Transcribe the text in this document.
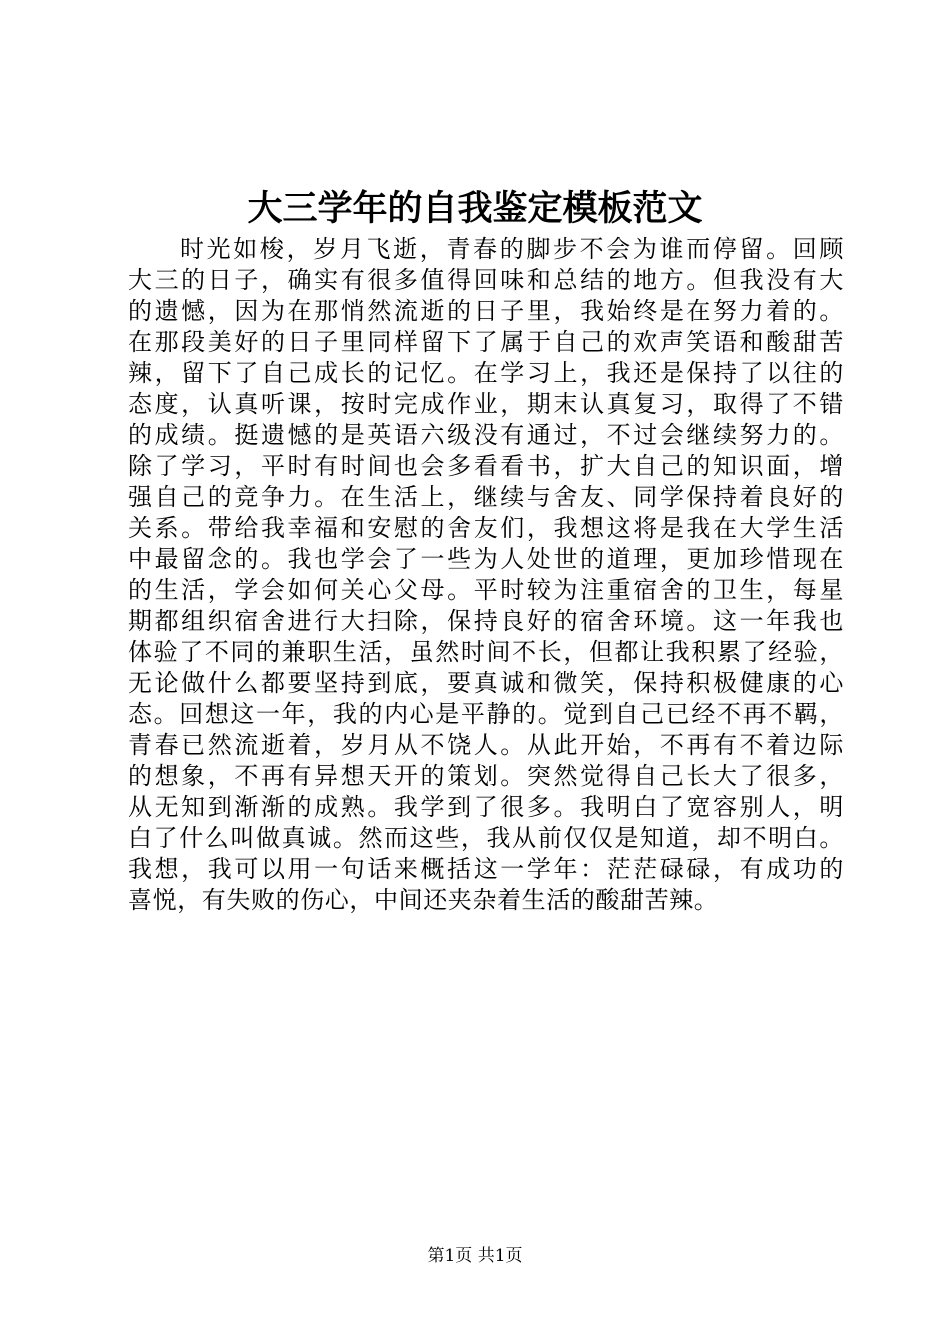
大三学年的自我鉴定模板范文
时光如梭，岁月飞逝，青春的脚步不会为谁而停留。回顾
大三的日子，确实有很多值得回味和总结的地方。但我没有大
的遗憾，因为在那悄然流逝的日子里，我始终是在努力着的。
在那段美好的日子里同样留下了属于自己的欢声笑语和酸甜苦
辣，留下了自己成长的记忆。在学习上，我还是保持了以往的
态度，认真听课，按时完成作业，期末认真复习，取得了不错
的成绩。挺遗憾的是英语六级没有通过，不过会继续努力的。
除了学习，平时有时间也会多看看书，扩大自己的知识面，增
强自己的竞争力。在生活上，继续与舍友、同学保持着良好的
关系。带给我幸福和安慰的舍友们，我想这将是我在大学生活
中最留念的。我也学会了一些为人处世的道理，更加珍惜现在
的生活，学会如何关心父母。平时较为注重宿舍的卫生，每星
期都组织宿舍进行大扫除，保持良好的宿舍环境。这一年我也
体验了不同的兼职生活，虽然时间不长，但都让我积累了经验，
无论做什么都要坚持到底，要真诚和微笑，保持积极健康的心
态。回想这一年，我的内心是平静的。觉到自己已经不再不羁，
青春已然流逝着，岁月从不饶人。从此开始，不再有不着边际
的想象，不再有异想天开的策划。突然觉得自己长大了很多，
从无知到渐渐的成熟。我学到了很多。我明白了宽容别人，明
白了什么叫做真诚。然而这些，我从前仅仅是知道，却不明白。
我想，我可以用一句话来概括这一学年：茫茫碌碌，有成功的
喜悦，有失败的伤心，中间还夹杂着生活的酸甜苦辣。
第1页 共1页
